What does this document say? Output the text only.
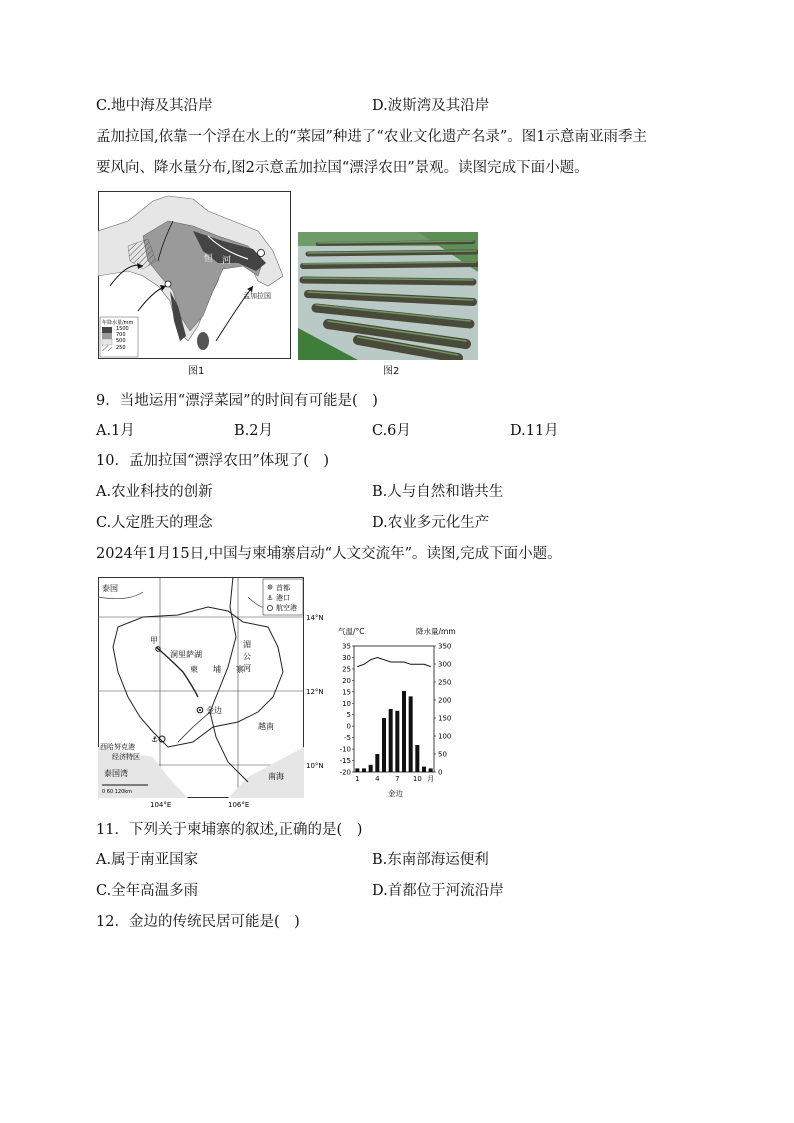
C.地中海及其沿岸	D.波斯湾及其沿岸
孟加拉国,依靠一个浮在水上的“菜园”种进了“农业文化遗产名录”。图1示意南亚雨季主
要风向、降水量分布,图2示意孟加拉国“漂浮农田”景观。读图完成下面小题。
恒 河
孟加拉国
年降水量/mm
1500
700
500
250
图1	图2
9．当地运用“漂浮菜园”的时间有可能是(　)
A.1月	B.2月	C.6月	D.11月
10．孟加拉国“漂浮农田”体现了(　)
A.农业科技的创新	B.人与自然和谐共生
C.人定胜天的理念	D.农业多元化生产
2024年1月15日,中国与柬埔寨启动“人文交流年”。读图,完成下面小题。
⚓
首都
港口
航空港
⚓
泰国
甲
洞里萨湖
柬 埔 寨
湄
公
河
金边
越南
西哈努克港
经济特区
泰国湾	南海
14°N
12°N
10°N
104°E	106°E
0 60 120km
气温/°C	降水量/mm
35
30
25
20
15
10
5
0
-5
-10
-15
-20
350
300
250
200
150
100
50
0
1 4 7 10 月
金边
11．下列关于柬埔寨的叙述,正确的是(　)
A.属于南亚国家	B.东南部海运便利
C.全年高温多雨	D.首都位于河流沿岸
12．金边的传统民居可能是(　)
